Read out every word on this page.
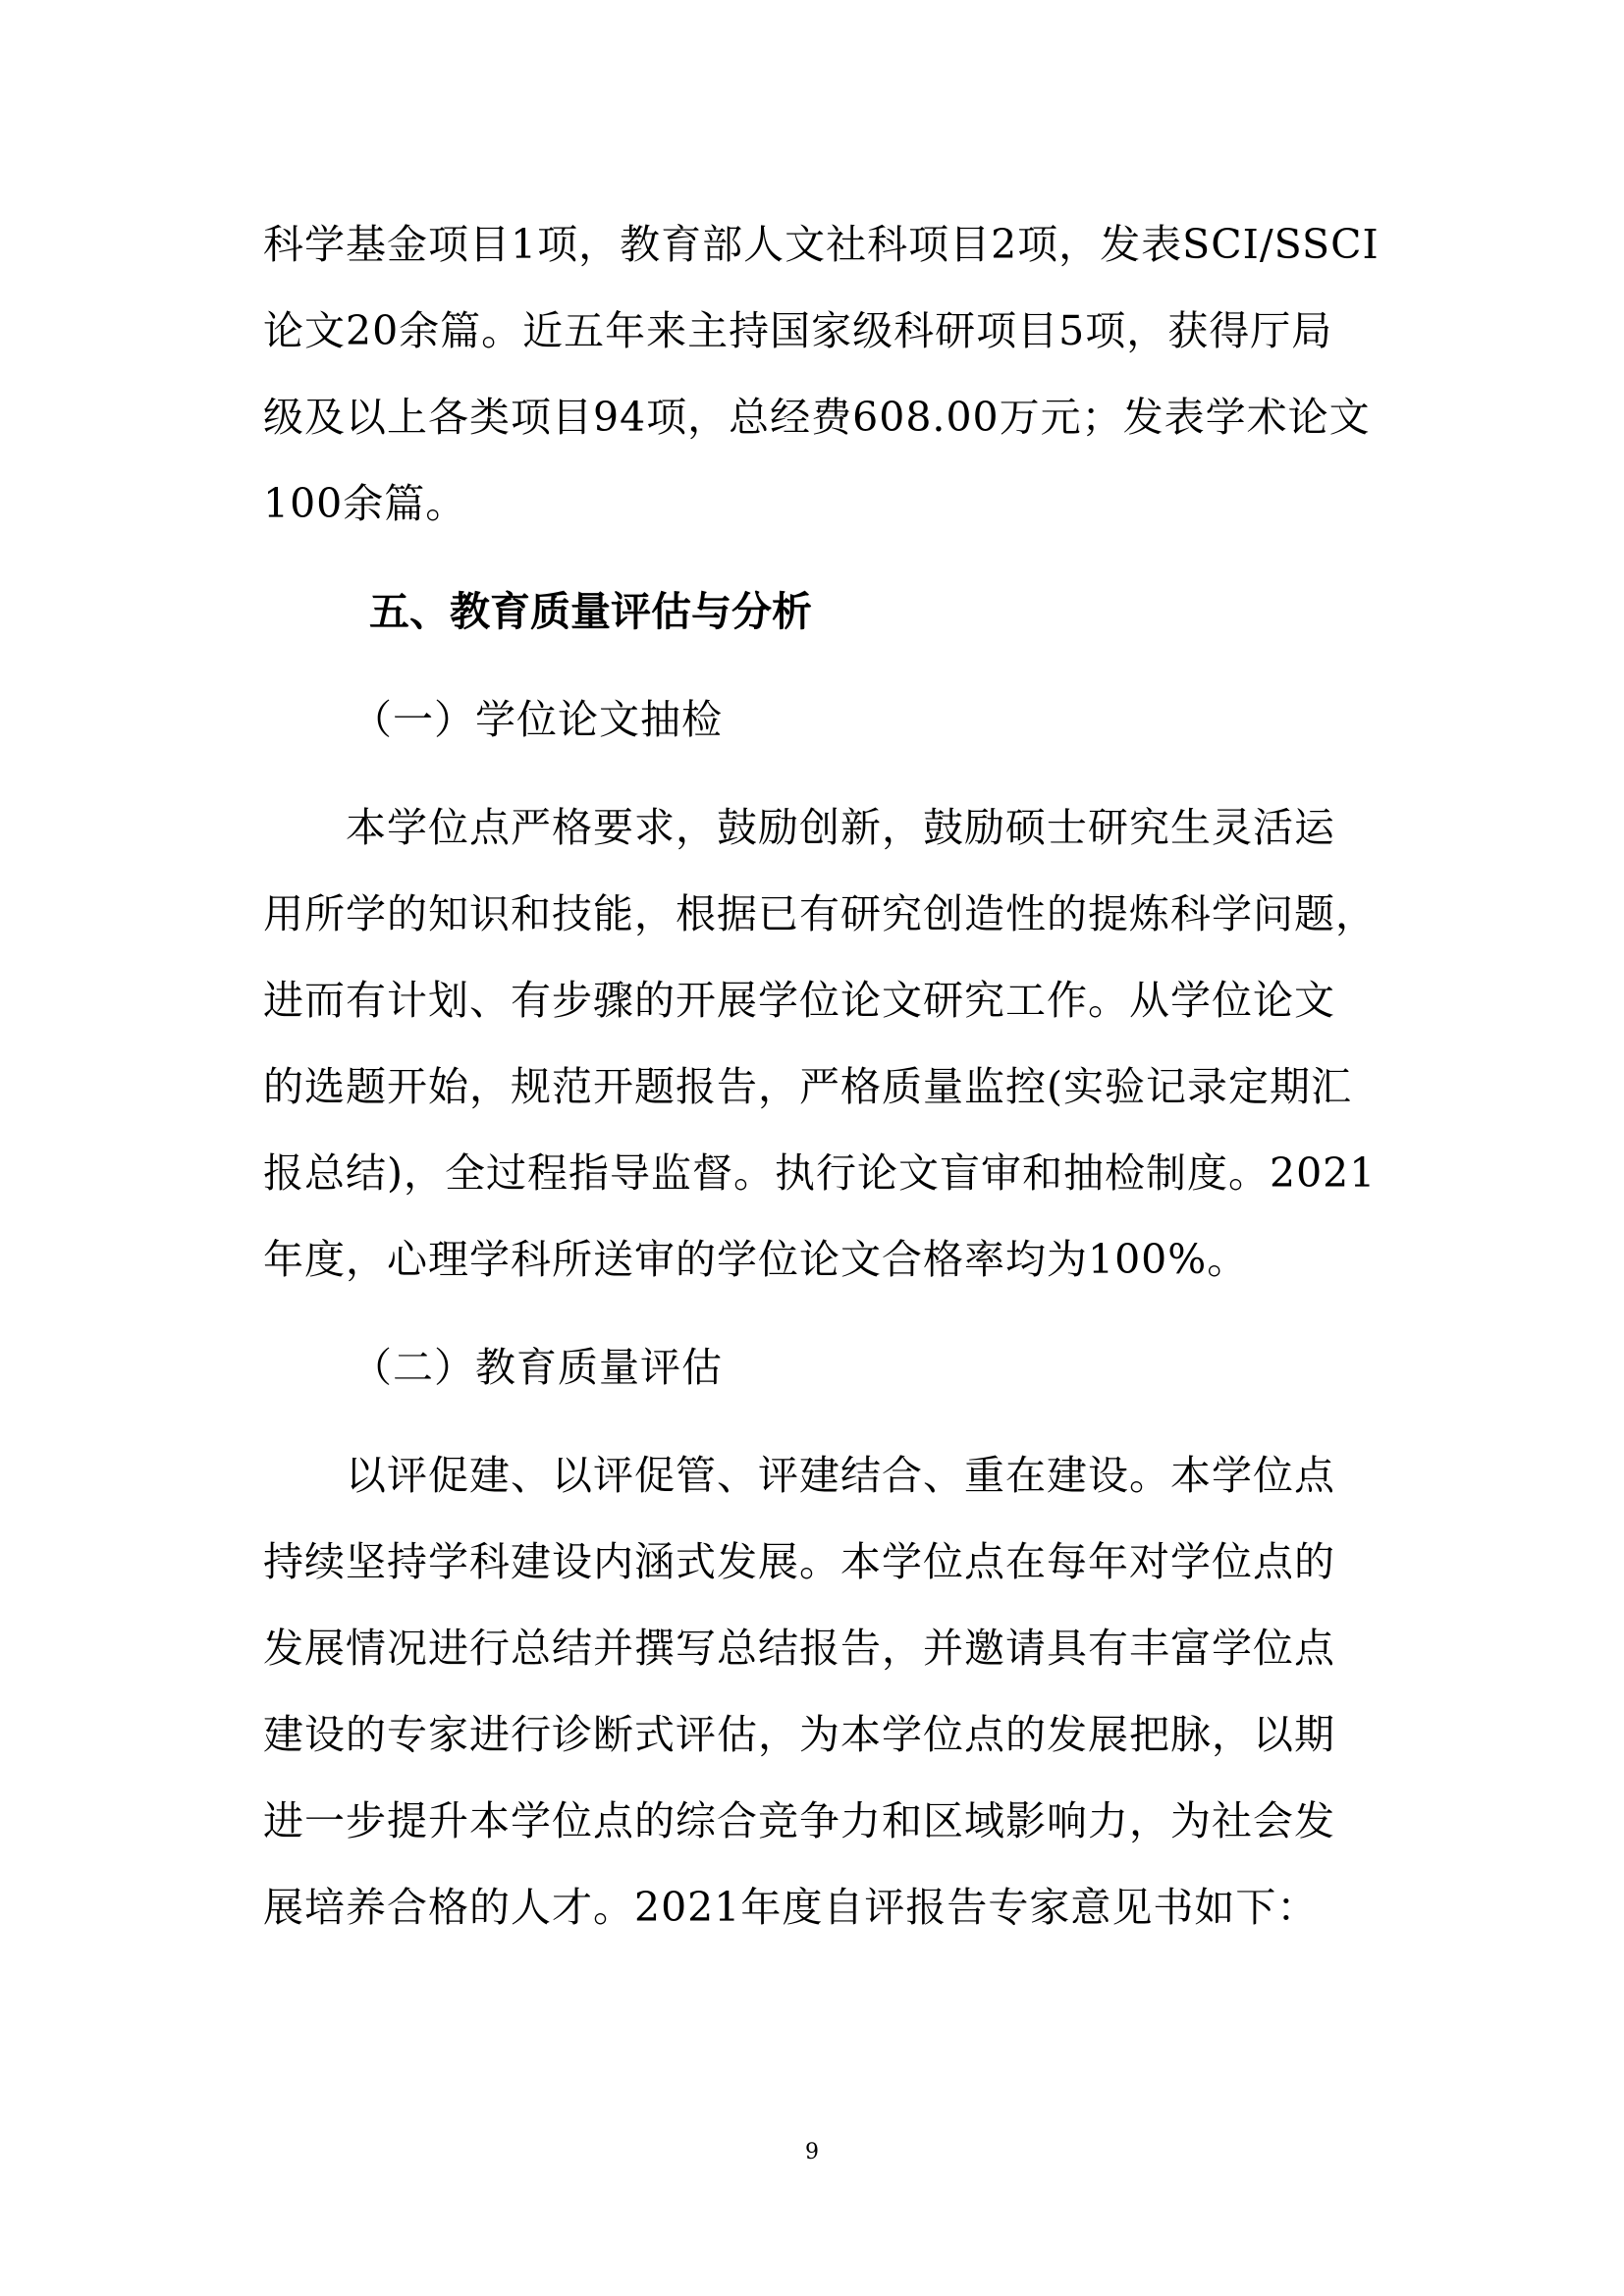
科学基金项目1项，教育部人文社科项目2项，发表SCI/SSCI
论文20余篇。近五年来主持国家级科研项目5项，获得厅局
级及以上各类项目94项，总经费608.00万元；发表学术论文
100余篇。
五、教育质量评估与分析
（一）学位论文抽检
本学位点严格要求，鼓励创新，鼓励硕士研究生灵活运
用所学的知识和技能，根据已有研究创造性的提炼科学问题，
进而有计划、有步骤的开展学位论文研究工作。从学位论文
的选题开始，规范开题报告，严格质量监控(实验记录定期汇
报总结)，全过程指导监督。执行论文盲审和抽检制度。2021
年度，心理学科所送审的学位论文合格率均为100%。
（二）教育质量评估
以评促建、以评促管、评建结合、重在建设。本学位点
持续坚持学科建设内涵式发展。本学位点在每年对学位点的
发展情况进行总结并撰写总结报告，并邀请具有丰富学位点
建设的专家进行诊断式评估，为本学位点的发展把脉，以期
进一步提升本学位点的综合竞争力和区域影响力，为社会发
展培养合格的人才。2021年度自评报告专家意见书如下：
9
